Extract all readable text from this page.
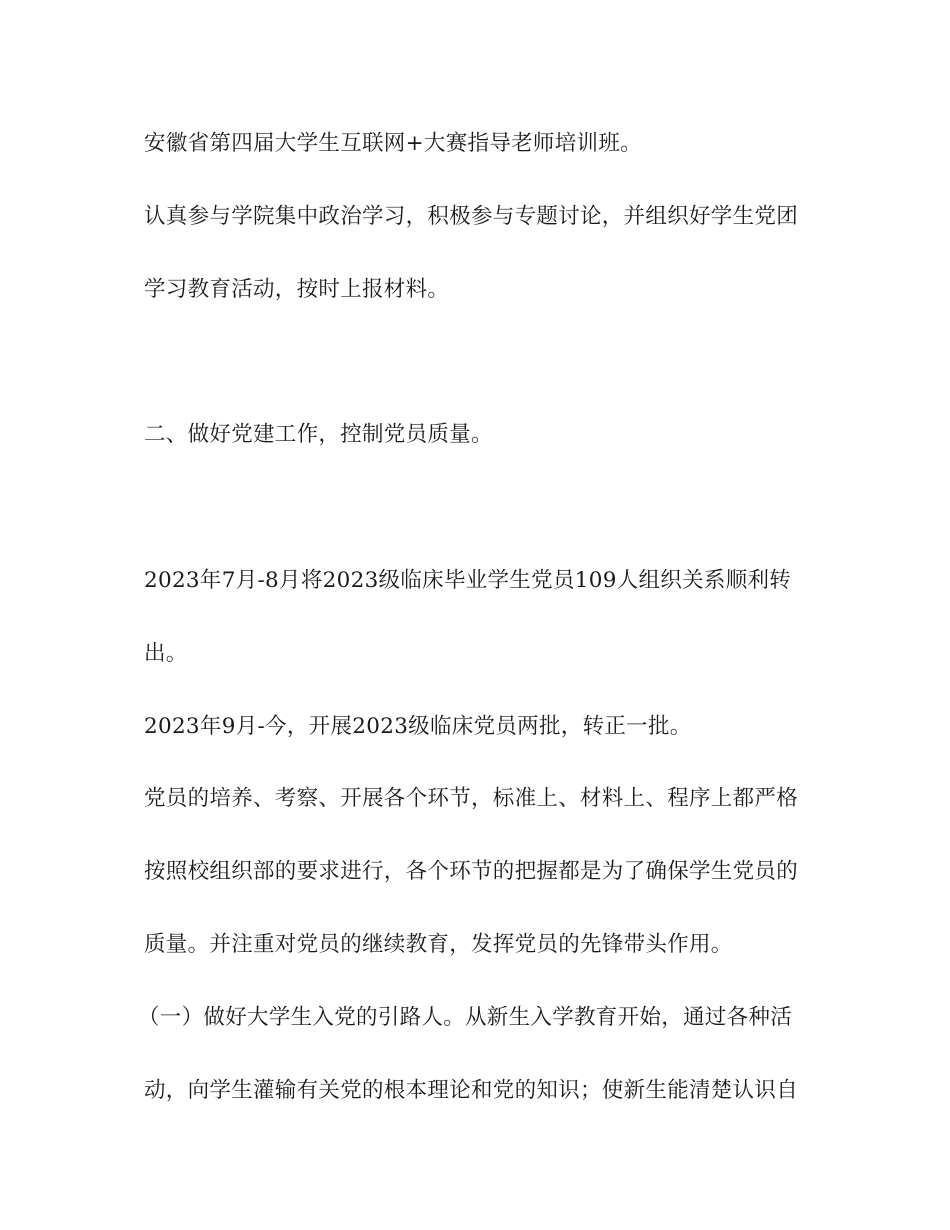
安徽省第四届大学生互联网+大赛指导老师培训班。
认真参与学院集中政治学习，积极参与专题讨论，并组织好学生党团
学习教育活动，按时上报材料。
二、做好党建工作，控制党员质量。
2023年7月-8月将2023级临床毕业学生党员109人组织关系顺利转
出。
2023年9月-今，开展2023级临床党员两批，转正一批。
党员的培养、考察、开展各个环节，标准上、材料上、程序上都严格
按照校组织部的要求进行，各个环节的把握都是为了确保学生党员的
质量。并注重对党员的继续教育，发挥党员的先锋带头作用。
（一）做好大学生入党的引路人。从新生入学教育开始，通过各种活
动，向学生灌输有关党的根本理论和党的知识；使新生能清楚认识自
